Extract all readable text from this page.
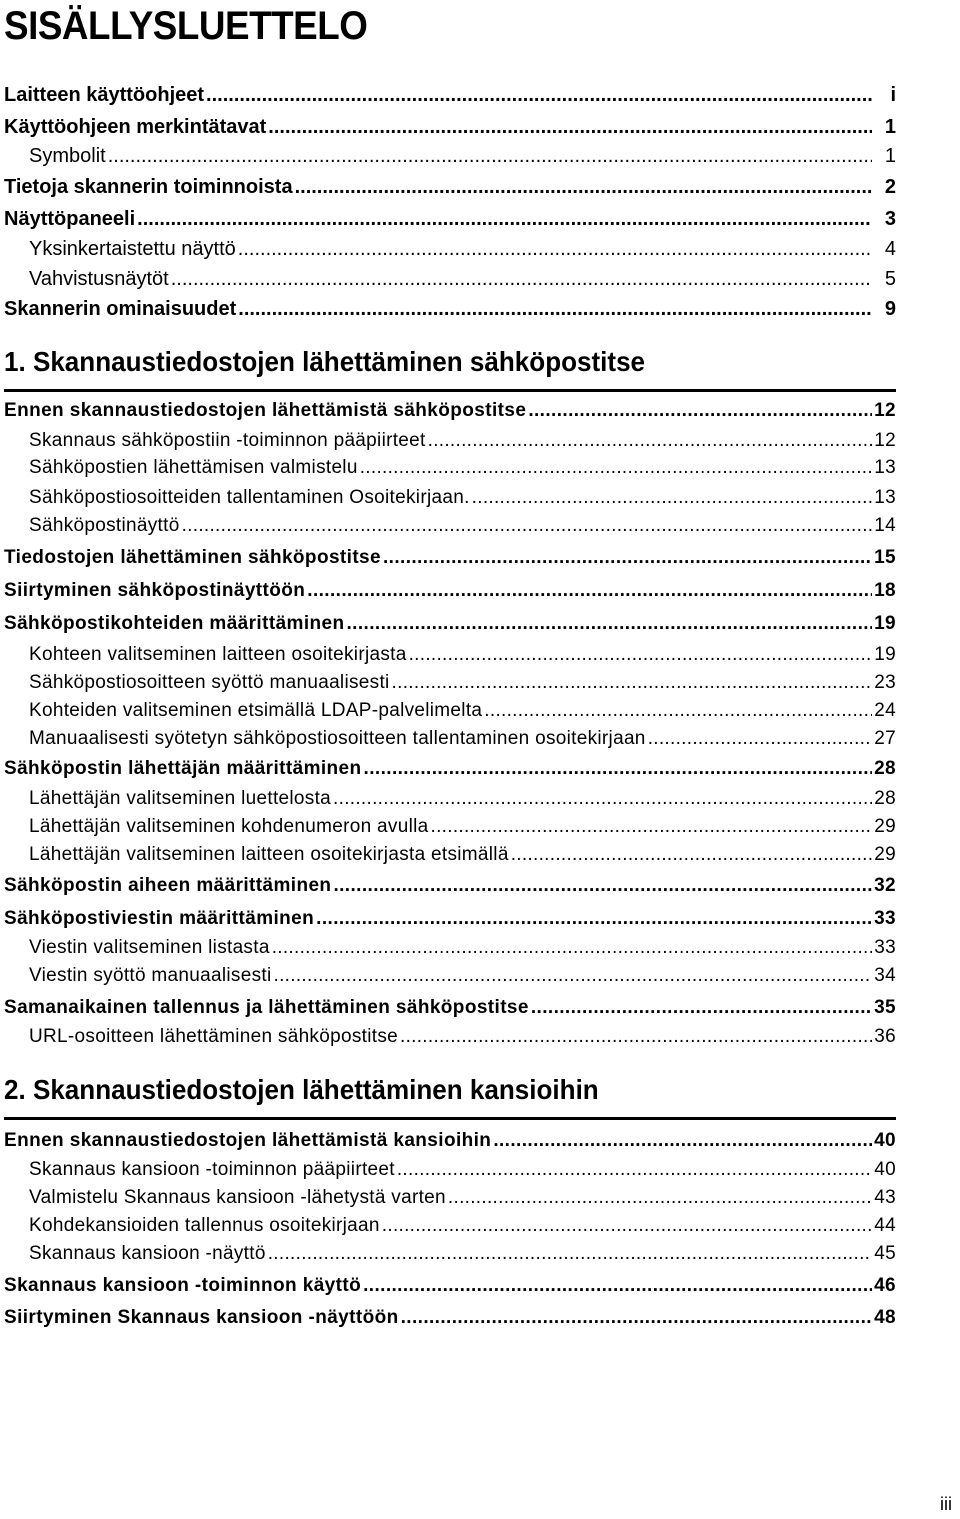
SISÄLLYSLUETTELO
Laitteen käyttöohjeet .....	i
Käyttöohjeen merkintätavat .....	1
Symbolit .....	1
Tietoja skannerin toiminnoista .....	2
Näyttöpaneeli .....	3
Yksinkertaistettu näyttö .....	4
Vahvistusnäytöt .....	5
Skannerin ominaisuudet .....	9
1. Skannaustiedostojen lähettäminen sähköpostitse
Ennen skannaustiedostojen lähettämistä sähköpostitse .....	12
Skannaus sähköpostiin -toiminnon pääpiirteet .....	12
Sähköpostien lähettämisen valmistelu .....	13
Sähköpostiosoitteiden tallentaminen Osoitekirjaan. .....	13
Sähköpostinäyttö .....	14
Tiedostojen lähettäminen sähköpostitse .....	15
Siirtyminen sähköpostinäyttöön .....	18
Sähköpostikohteiden määrittäminen .....	19
Kohteen valitseminen laitteen osoitekirjasta .....	19
Sähköpostiosoitteen syöttö manuaalisesti .....	23
Kohteiden valitseminen etsimällä LDAP-palvelimelta .....	24
Manuaalisesti syötetyn sähköpostiosoitteen tallentaminen osoitekirjaan .....	27
Sähköpostin lähettäjän määrittäminen .....	28
Lähettäjän valitseminen luettelosta .....	28
Lähettäjän valitseminen kohdenumeron avulla .....	29
Lähettäjän valitseminen laitteen osoitekirjasta etsimällä .....	29
Sähköpostin aiheen määrittäminen .....	32
Sähköpostiviestin määrittäminen .....	33
Viestin valitseminen listasta .....	33
Viestin syöttö manuaalisesti .....	34
Samanaikainen tallennus ja lähettäminen sähköpostitse .....	35
URL-osoitteen lähettäminen sähköpostitse .....	36
2. Skannaustiedostojen lähettäminen kansioihin
Ennen skannaustiedostojen lähettämistä kansioihin .....	40
Skannaus kansioon -toiminnon pääpiirteet .....	40
Valmistelu Skannaus kansioon -lähetystä varten .....	43
Kohdekansioiden tallennus osoitekirjaan .....	44
Skannaus kansioon -näyttö .....	45
Skannaus kansioon -toiminnon käyttö .....	46
Siirtyminen Skannaus kansioon -näyttöön .....	48
iii
